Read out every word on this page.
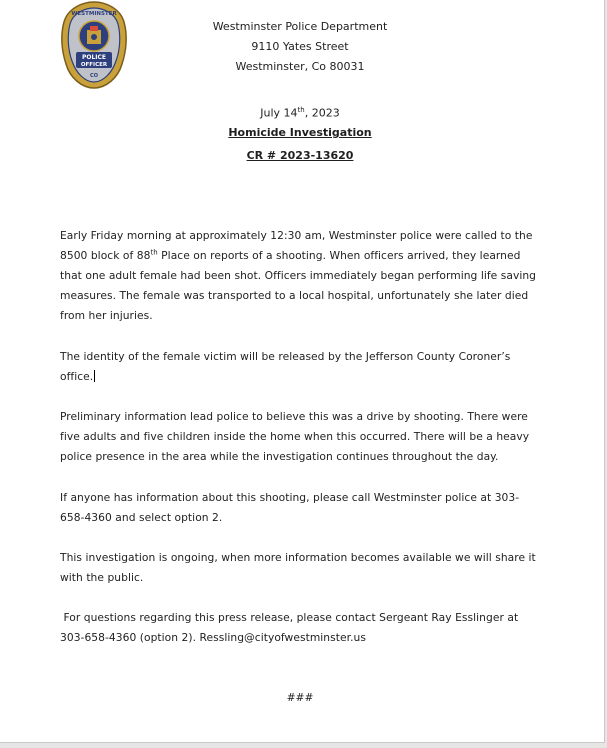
WESTMINSTER
POLICE
OFFICER
CO
Westminster Police Department
9110 Yates Street
Westminster, Co 80031
July 14th, 2023
Homicide Investigation
CR # 2023-13620
Early Friday morning at approximately 12:30 am, Westminster police were called to the 8500 block of 88th Place on reports of a shooting. When officers arrived, they learned that one adult female had been shot. Officers immediately began performing life saving measures. The female was transported to a local hospital, unfortunately she later died from her injuries.
The identity of the female victim will be released by the Jefferson County Coroner’s office.
Preliminary information lead police to believe this was a drive by shooting. There were five adults and five children inside the home when this occurred. There will be a heavy police presence in the area while the investigation continues throughout the day.
If anyone has information about this shooting, please call Westminster police at 303-658-4360 and select option 2.
This investigation is ongoing, when more information becomes available we will share it with the public.
For questions regarding this press release, please contact Sergeant Ray Esslinger at 303-658-4360 (option 2). Ressling@cityofwestminster.us
###
